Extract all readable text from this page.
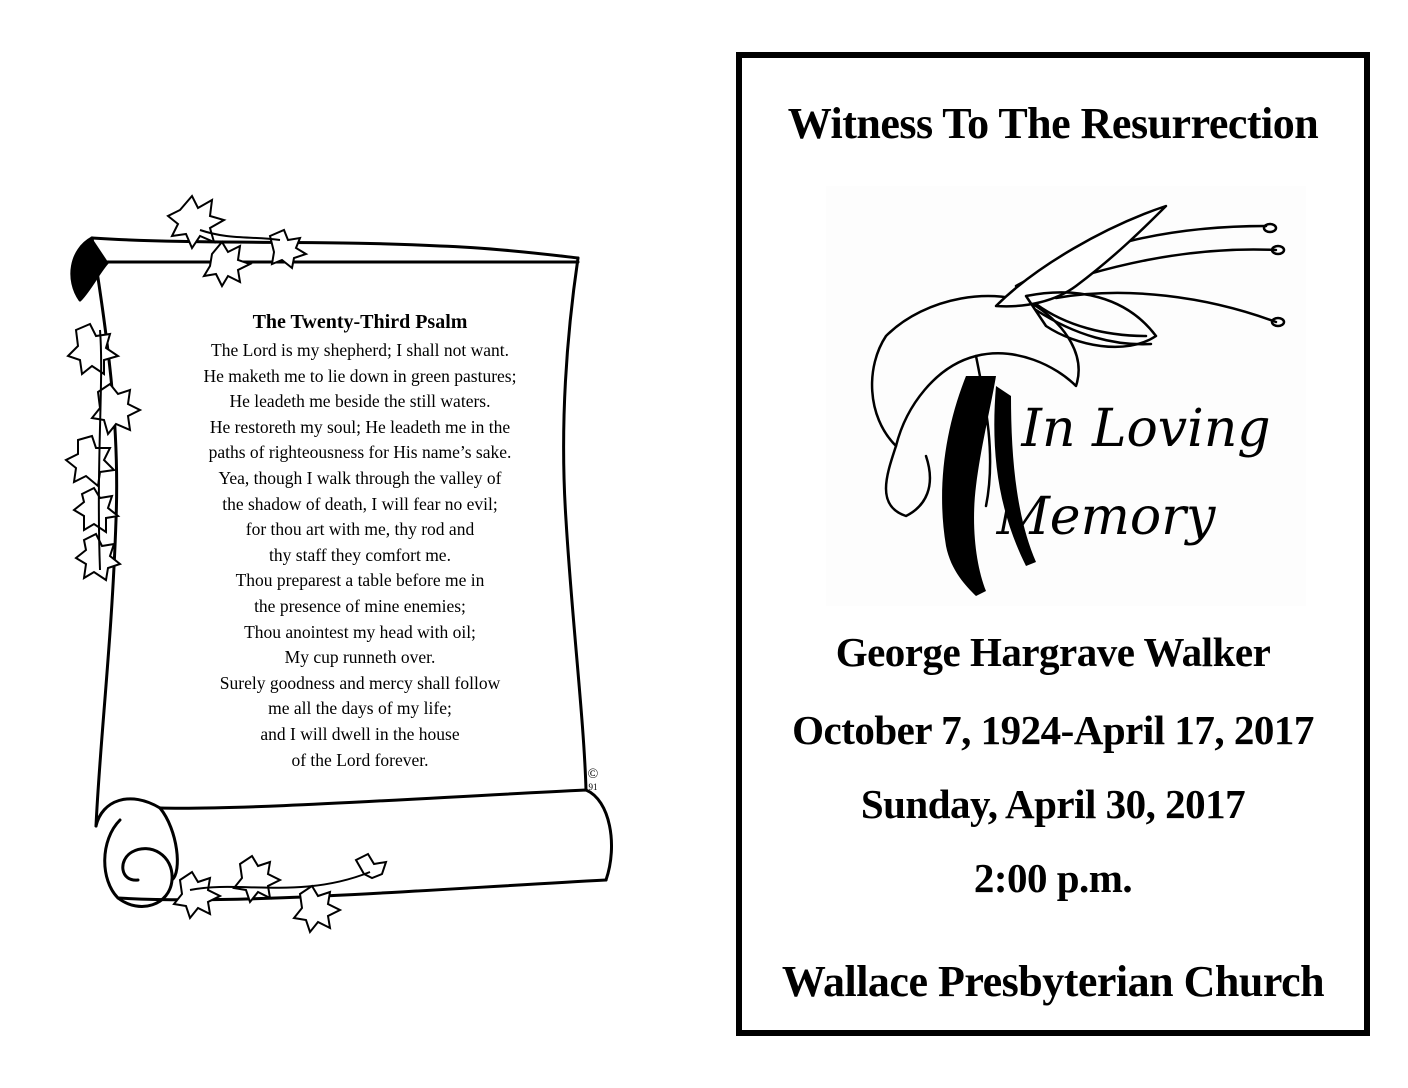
The Twenty-Third Psalm
The Lord is my shepherd; I shall not want.
He maketh me to lie down in green pastures;
He leadeth me beside the still waters.
He restoreth my soul; He leadeth me in the
paths of righteousness for His name’s sake.
Yea, though I walk through the valley of
the shadow of death, I will fear no evil;
for thou art with me, thy rod and
thy staff they comfort me.
Thou preparest a table before me in
the presence of mine enemies;
Thou anointest my head with oil;
My cup runneth over.
Surely goodness and mercy shall follow
me all the days of my life;
and I will dwell in the house
of the Lord forever.
©
91
Witness To The Resurrection
In Loving
Memory
George Hargrave Walker
October 7, 1924-April 17, 2017
Sunday, April 30, 2017
2:00 p.m.
Wallace Presbyterian Church
